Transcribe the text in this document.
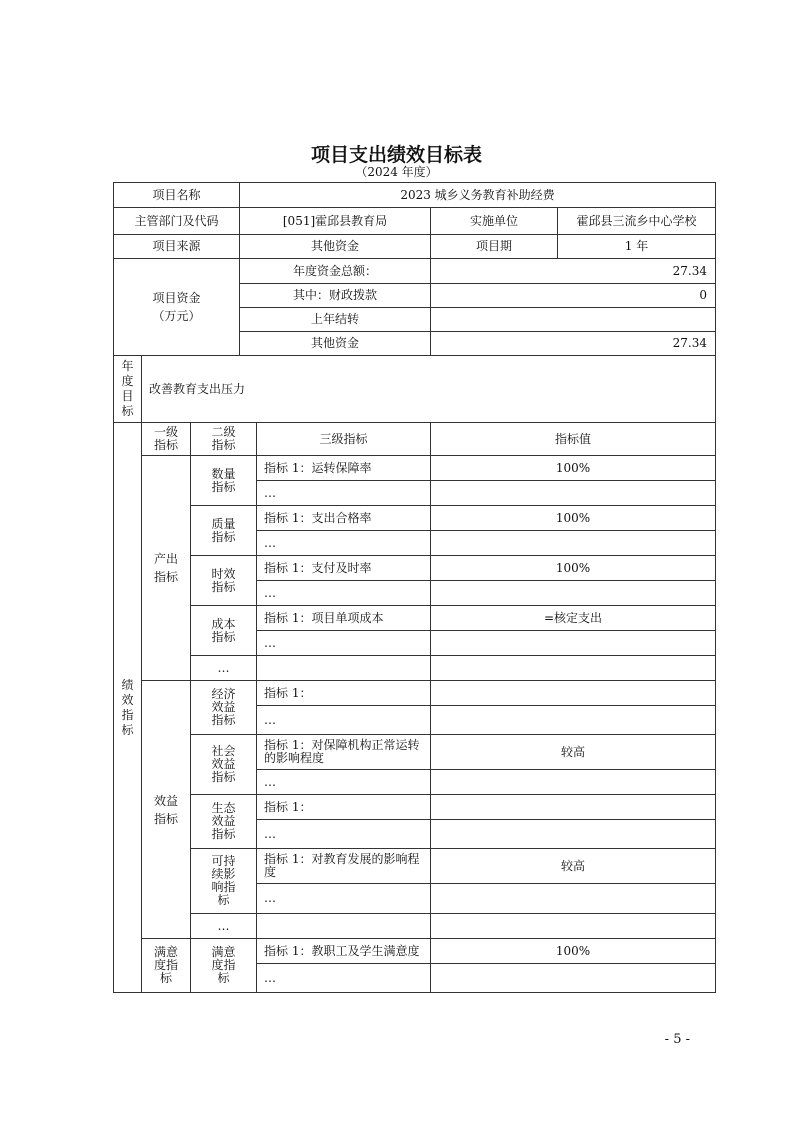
项目支出绩效目标表
（2024 年度）
项目名称			2023 城乡义务教育补助经费			
主管部门及代码			[051]霍邱县教育局		实施单位	霍邱县三流乡中心学校
项目来源			其他资金		项目期	1 年
项目资金（万元）			年度资金总额：		27.34	
			其中：财政拨款		0	
			上年结转			
			其他资金		27.34	
年度目标	改善教育支出压力					
绩效指标	一级指标	二级指标		三级指标	指标值	
	产出指标	数量指标		指标 1：运转保障率	100%	
				…		
		质量指标		指标 1：支出合格率	100%	
				…		
		时效指标		指标 1：支付及时率	100%	
				…		
		成本指标		指标 1：项目单项成本	=核定支出	
				…		
		…				
	效益指标	经济效益指标		指标 1：		
				…		
		社会效益指标		指标 1：对保障机构正常运转的影响程度	较高	
				…		
		生态效益指标		指标 1：		
				…		
		可持续影响指标		指标 1：对教育发展的影响程度	较高	
				…		

		…				
	满意度指标	满意度指标		指标 1：教职工及学生满意度	100%	
				…		
- 5 -
